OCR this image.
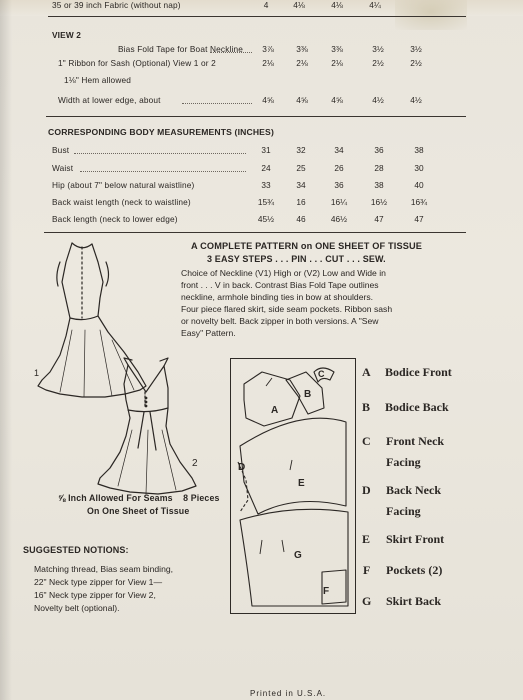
35 or 39 inch Fabric (without nap)	4	4⅛	4⅛	4¼
VIEW 2
Bias Fold Tape for Boat Neckline	3⅞	3⅜	3⅜	3½	3½
1" Ribbon for Sash (Optional) View 1 or 2	2⅛	2⅛	2⅛	2½	2½
1⅛" Hem allowed
Width at lower edge, about	4⅝	4⅝	4⅝	4½	4½
CORRESPONDING BODY MEASUREMENTS (INCHES)
Bust	31	32	34	36	38
Waist	24	25	26	28	30
Hip (about 7" below natural waistline)	33	34	36	38	40
Back waist length (neck to waistline)	15¾	16	16¼	16½	16¾
Back length (neck to lower edge)	45½	46	46½	47	47
A COMPLETE PATTERN on ONE SHEET OF TISSUE
3 EASY STEPS . . . PIN . . . CUT . . . SEW.
Choice of Neckline (V1) High or (V2) Low and Wide in
front . . . V in back. Contrast Bias Fold Tape outlines
neckline, armhole binding ties in bow at shoulders.
Four piece flared skirt, side seam pockets. Ribbon sash
or novelty belt. Back zipper in both versions. A "Sew
Easy" Pattern.
1
2
⅝ Inch Allowed For Seams    8 Pieces
On One Sheet of Tissue
SUGGESTED NOTIONS:
Matching thread, Bias seam binding,
22" Neck type zipper for View 1—
16" Neck type zipper for View 2,
Novelty belt (optional).
A
B
C
D
E
F
G
A Bodice Front
B Bodice Back
C Front Neck
Facing
D Back Neck
Facing
E Skirt Front
F Pockets (2)
G Skirt Back
Printed in U.S.A.
